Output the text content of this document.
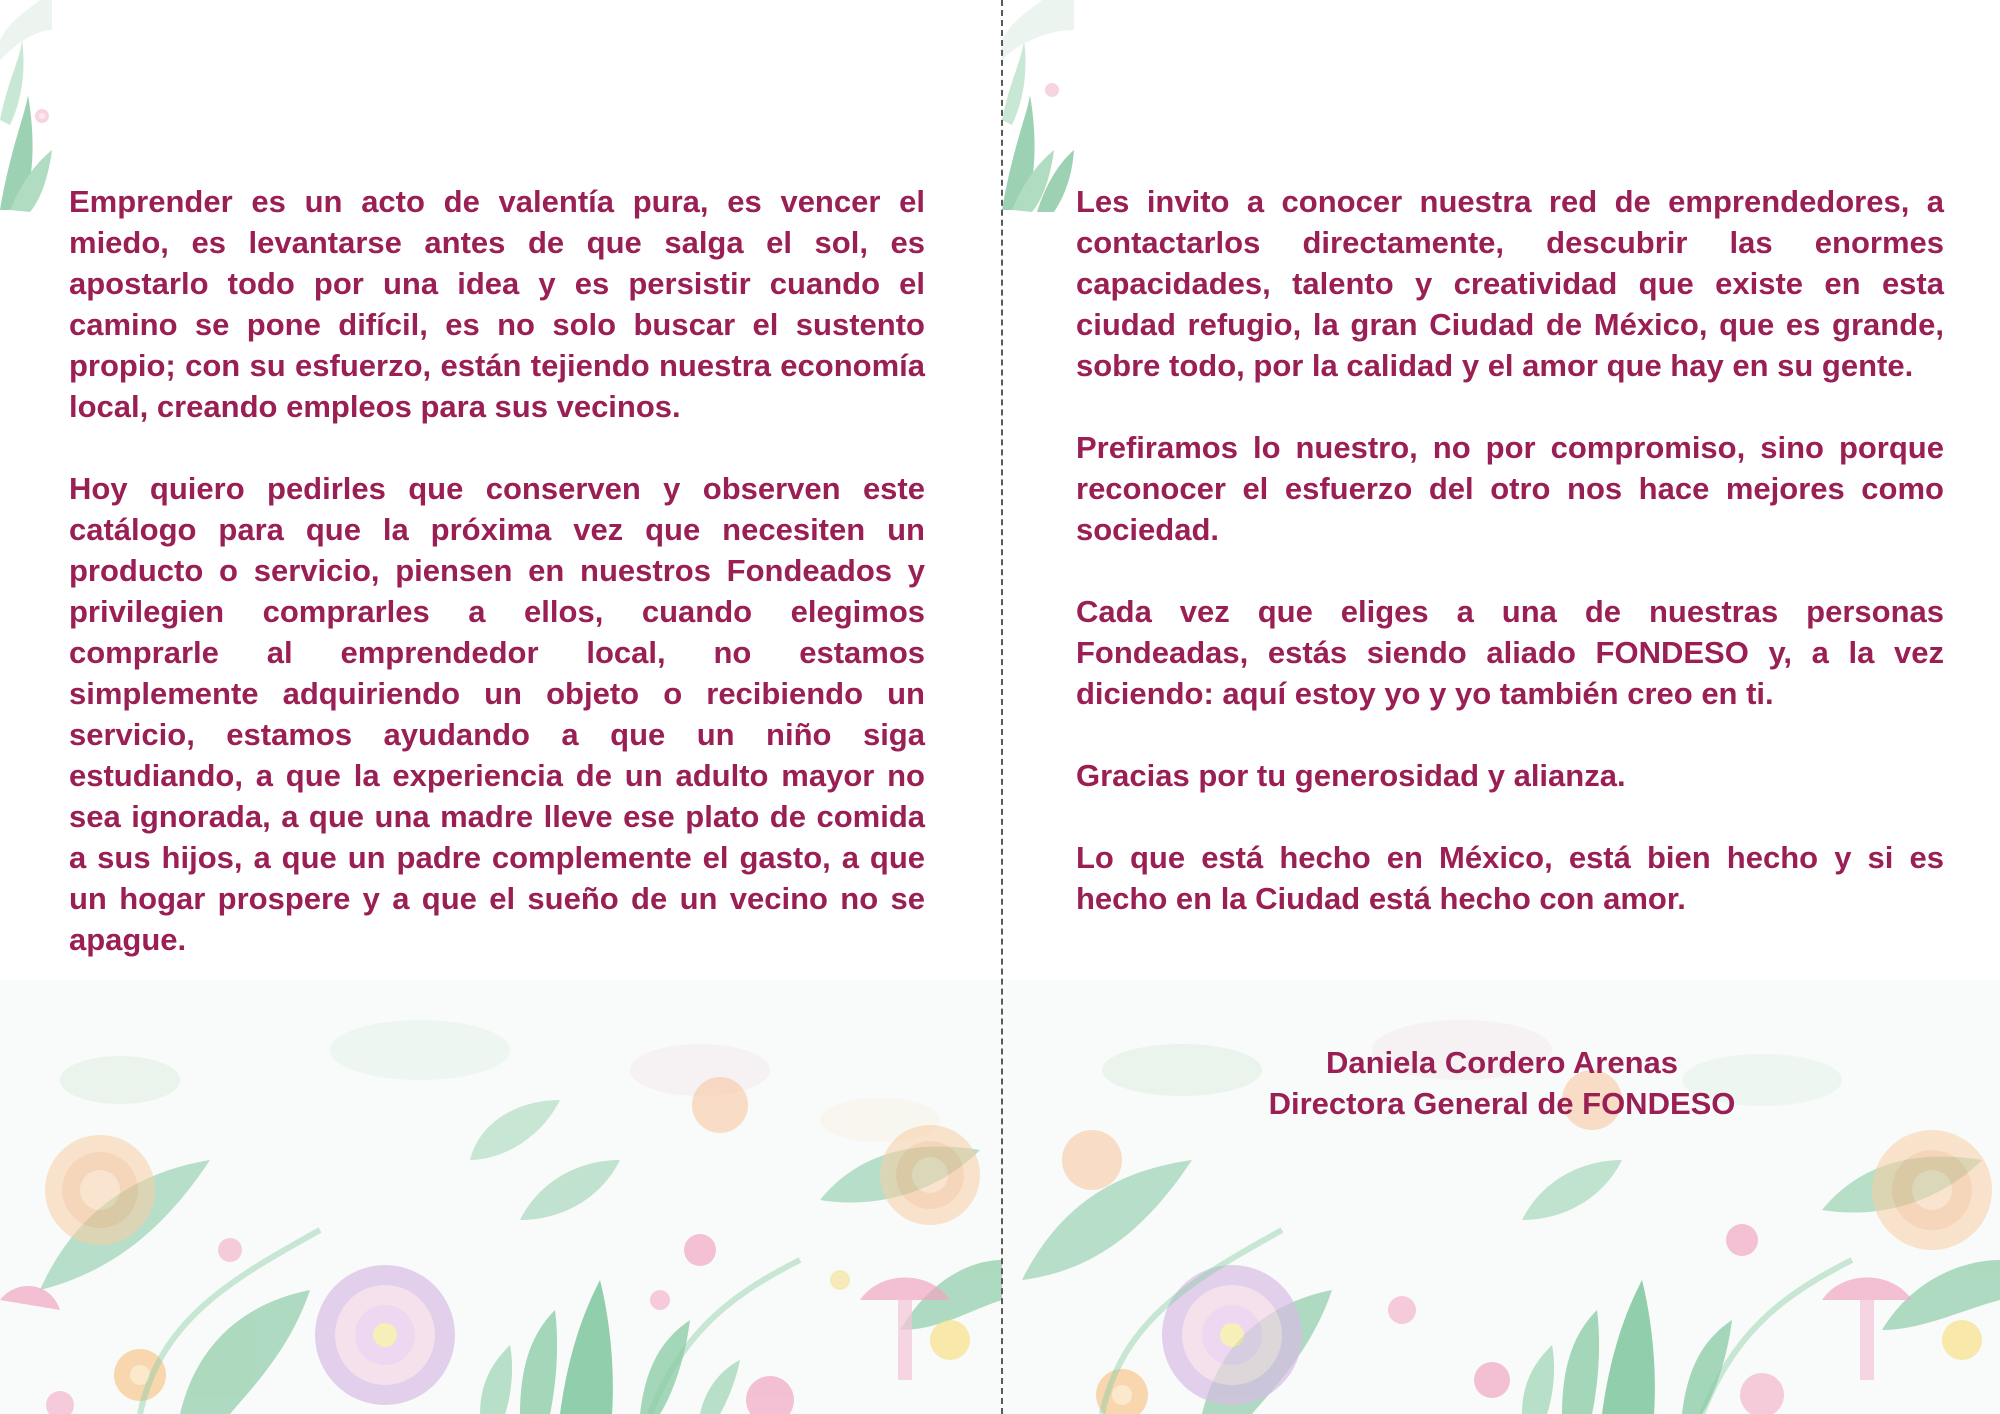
Emprender es un acto de valentía pura, es vencer el miedo, es levantarse antes de que salga el sol, es apostarlo todo por una idea y es persistir cuando el camino se pone difícil, es no solo buscar el sustento propio; con su esfuerzo, están tejiendo nuestra economía local, creando empleos para sus vecinos.

Hoy quiero pedirles que conserven y observen este catálogo para que la próxima vez que necesiten un producto o servicio, piensen en nuestros Fondeados y privilegien comprarles a ellos, cuando elegimos comprarle al emprendedor local, no estamos simplemente adquiriendo un objeto o recibiendo un servicio, estamos ayudando a que un niño siga estudiando, a que la experiencia de un adulto mayor no sea ignorada, a que una madre lleve ese plato de comida a sus hijos, a que un padre complemente el gasto, a que un hogar prospere y a que el sueño de un vecino no se apague.

Les invito a conocer nuestra red de emprendedores, a contactarlos directamente, descubrir las enormes capacidades, talento y creatividad que existe en esta ciudad refugio, la gran Ciudad de México, que es grande, sobre todo, por la calidad y el amor que hay en su gente.

Prefiramos lo nuestro, no por compromiso, sino porque reconocer el esfuerzo del otro nos hace mejores como sociedad.

Cada vez que eliges a una de nuestras personas Fondeadas, estás siendo aliado FONDESO y, a la vez diciendo: aquí estoy yo y yo también creo en ti.

Gracias por tu generosidad y alianza.

Lo que está hecho en México, está bien hecho y si es hecho en la Ciudad está hecho con amor.

Daniela Cordero Arenas
Directora General de FONDESO
